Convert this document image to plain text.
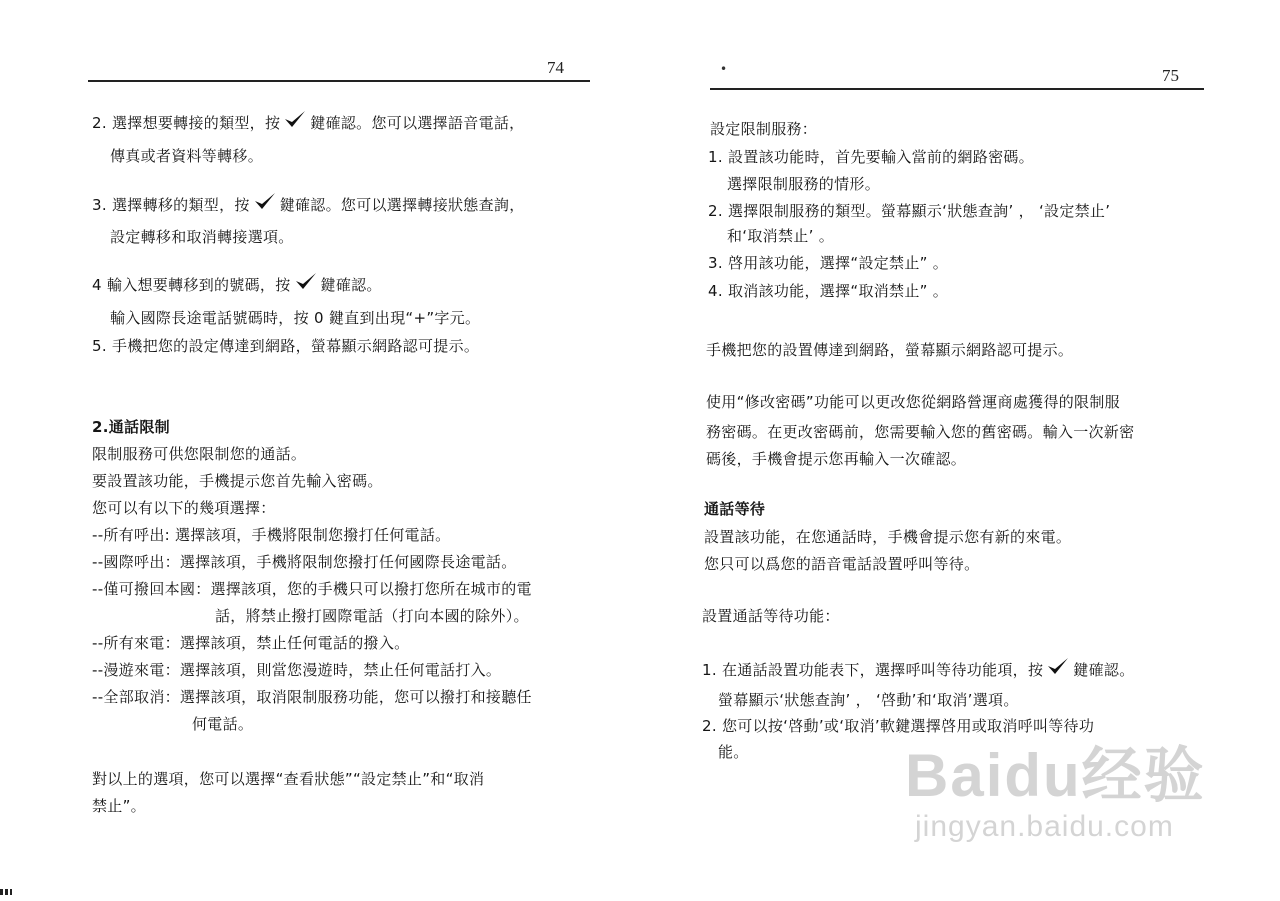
74
2. 選擇想要轉接的類型，按 鍵確認。您可以選擇語音電話，
傳真或者資料等轉移。
3. 選擇轉移的類型，按 鍵確認。您可以選擇轉接狀態查詢，
設定轉移和取消轉接選項。
4 輸入想要轉移到的號碼，按 鍵確認。
輸入國際長途電話號碼時，按 0 鍵直到出現“+”字元。
5. 手機把您的設定傳達到網路，螢幕顯示網路認可提示。
2.通話限制
限制服務可供您限制您的通話。
要設置該功能，手機提示您首先輸入密碼。
您可以有以下的幾項選擇：
--所有呼出: 選擇該項，手機將限制您撥打任何電話。
--國際呼出：選擇該項，手機將限制您撥打任何國際長途電話。
--僅可撥回本國：選擇該項，您的手機只可以撥打您所在城市的電
話，將禁止撥打國際電話（打向本國的除外）。
--所有來電：選擇該項，禁止任何電話的撥入。
--漫遊來電：選擇該項，則當您漫遊時，禁止任何電話打入。
--全部取消：選擇該項，取消限制服務功能，您可以撥打和接聽任
何電話。
對以上的選項，您可以選擇“查看狀態”“設定禁止”和“取消
禁止”。
•	75
設定限制服務：
1. 設置該功能時，首先要輸入當前的網路密碼。
選擇限制服務的情形。
2. 選擇限制服務的類型。螢幕顯示‘狀態查詢’ ， ‘設定禁止’
和‘取消禁止’ 。
3. 啓用該功能，選擇“設定禁止” 。
4. 取消該功能，選擇“取消禁止” 。
手機把您的設置傳達到網路，螢幕顯示網路認可提示。
使用“修改密碼”功能可以更改您從網路營運商處獲得的限制服
務密碼。在更改密碼前，您需要輸入您的舊密碼。輸入一次新密
碼後，手機會提示您再輸入一次確認。
通話等待
設置該功能，在您通話時，手機會提示您有新的來電。
您只可以爲您的語音電話設置呼叫等待。
設置通話等待功能：
1. 在通話設置功能表下，選擇呼叫等待功能項，按 鍵確認。
螢幕顯示‘狀態查詢’ ， ‘啓動’和‘取消’選項。
2. 您可以按‘啓動’或‘取消’軟鍵選擇啓用或取消呼叫等待功
能。	Baidu经验
jingyan.baidu.com
